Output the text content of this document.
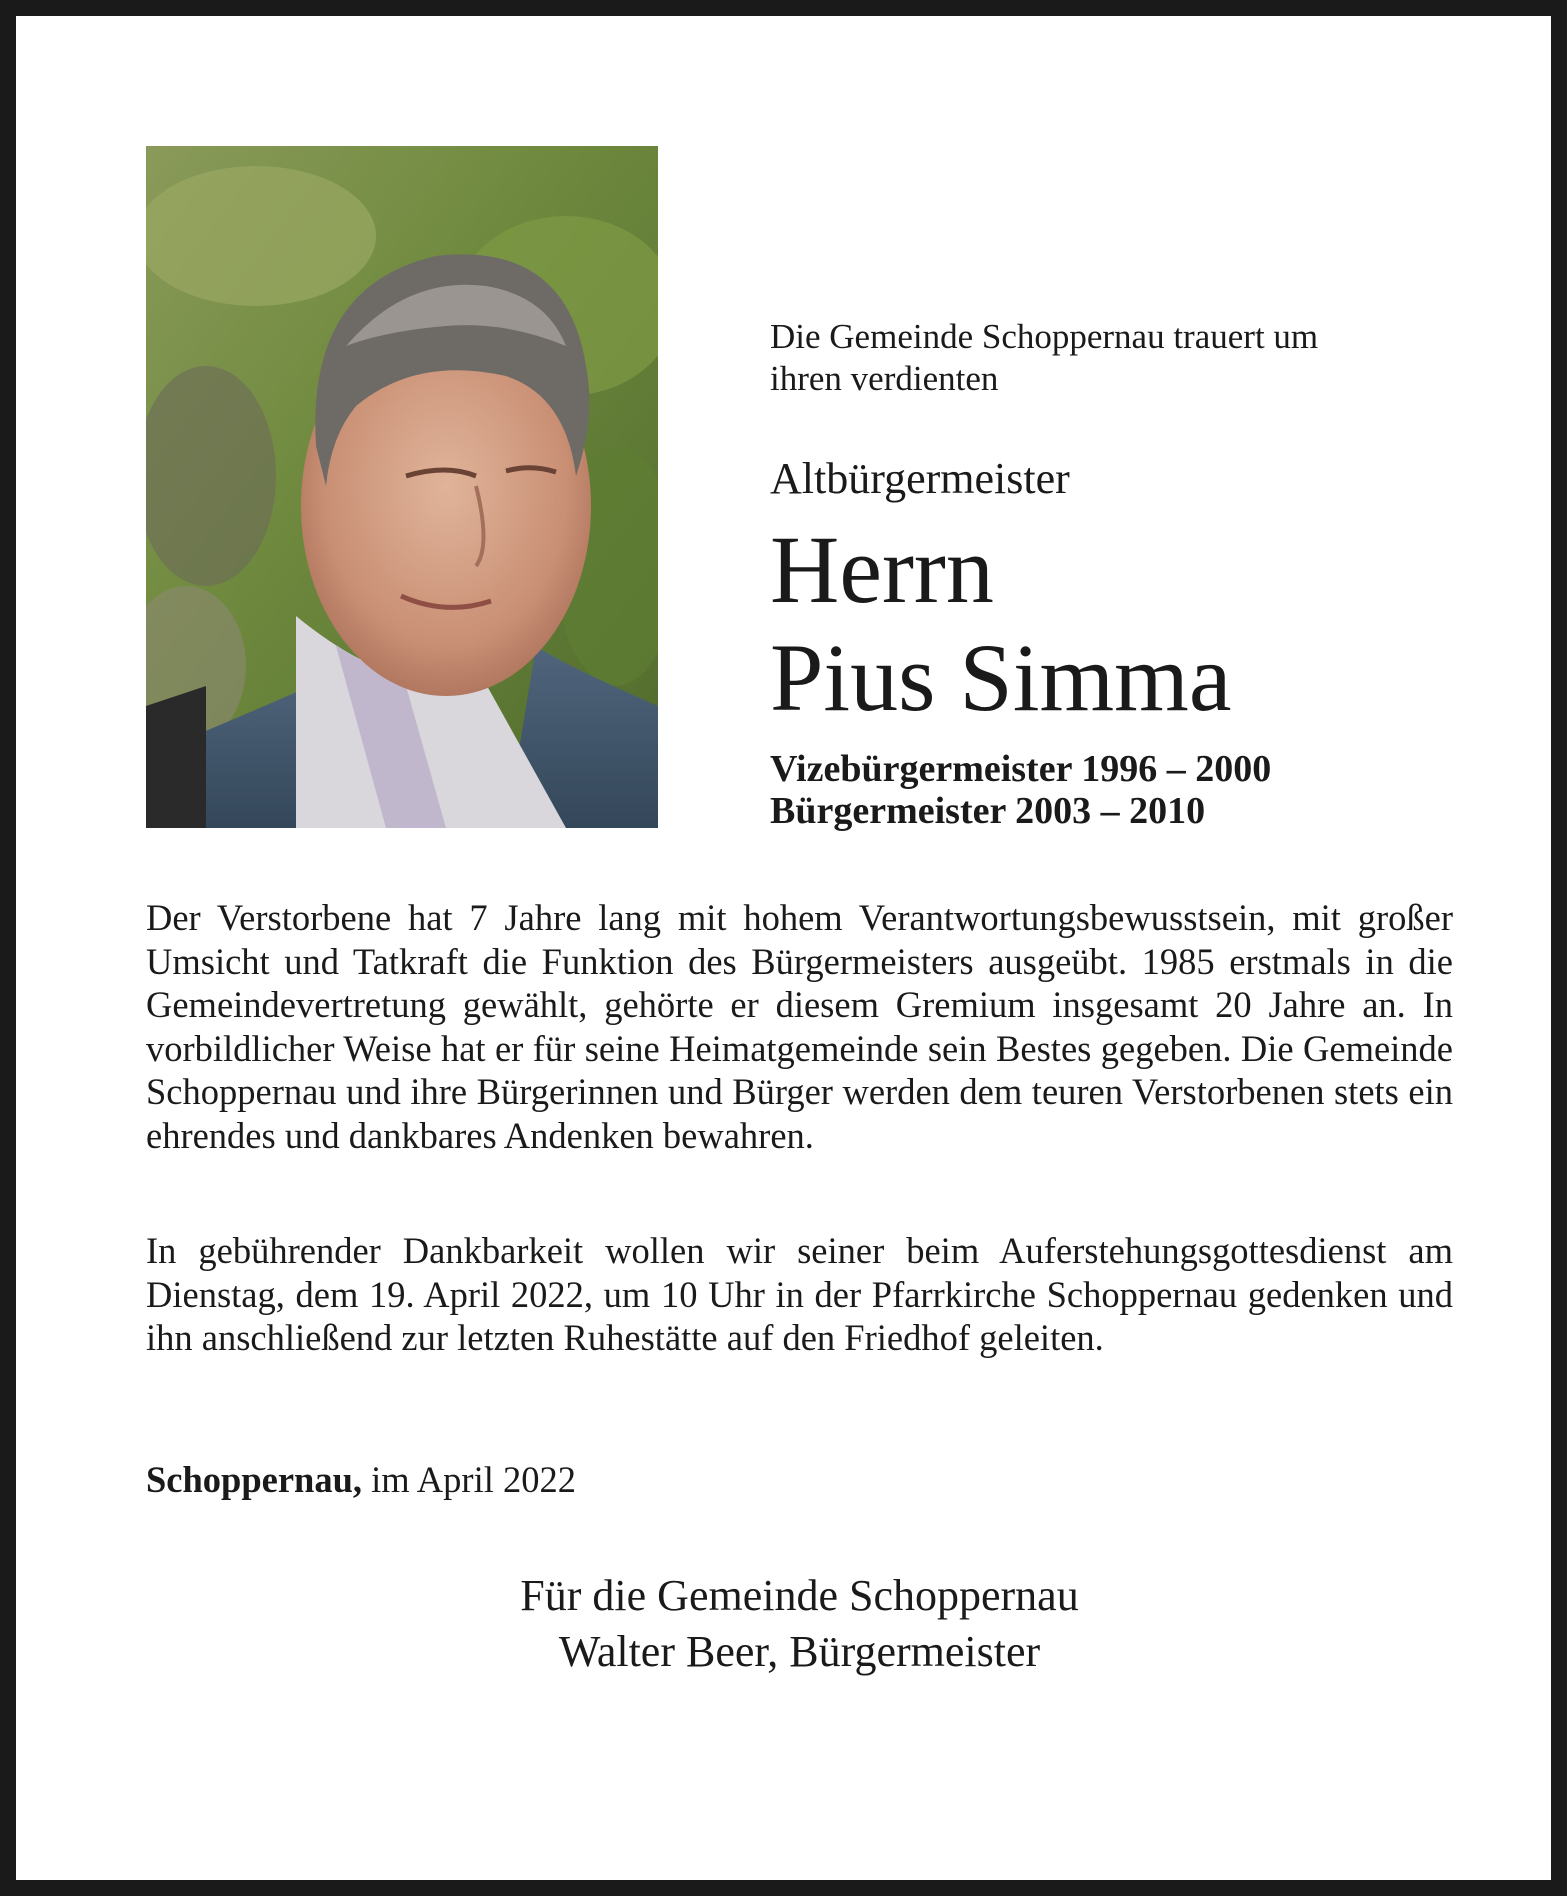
Die Gemeinde Schoppernau trauert um
ihren verdienten
Altbürgermeister
Herrn
Pius Simma
Vizebürgermeister 1996 – 2000
Bürgermeister 2003 – 2010
Der Verstorbene hat 7 Jahre lang mit hohem Verantwortungsbewusstsein, mit großer Umsicht und Tatkraft die Funktion des Bürgermeisters ausgeübt. 1985 erstmals in die Gemeindevertretung gewählt, gehörte er diesem Gremium insgesamt 20 Jahre an. In vorbildlicher Weise hat er für seine Heimatgemeinde sein Bestes gegeben. Die Gemeinde Schoppernau und ihre Bürgerinnen und Bürger werden dem teuren Verstorbenen stets ein ehrendes und dankbares Andenken bewahren.
In gebührender Dankbarkeit wollen wir seiner beim Auferstehungsgottesdienst am Dienstag, dem 19. April 2022, um 10 Uhr in der Pfarrkirche Schoppernau gedenken und ihn anschließend zur letzten Ruhestätte auf den Friedhof geleiten.
Schoppernau, im April 2022
Für die Gemeinde Schoppernau
Walter Beer, Bürgermeister
